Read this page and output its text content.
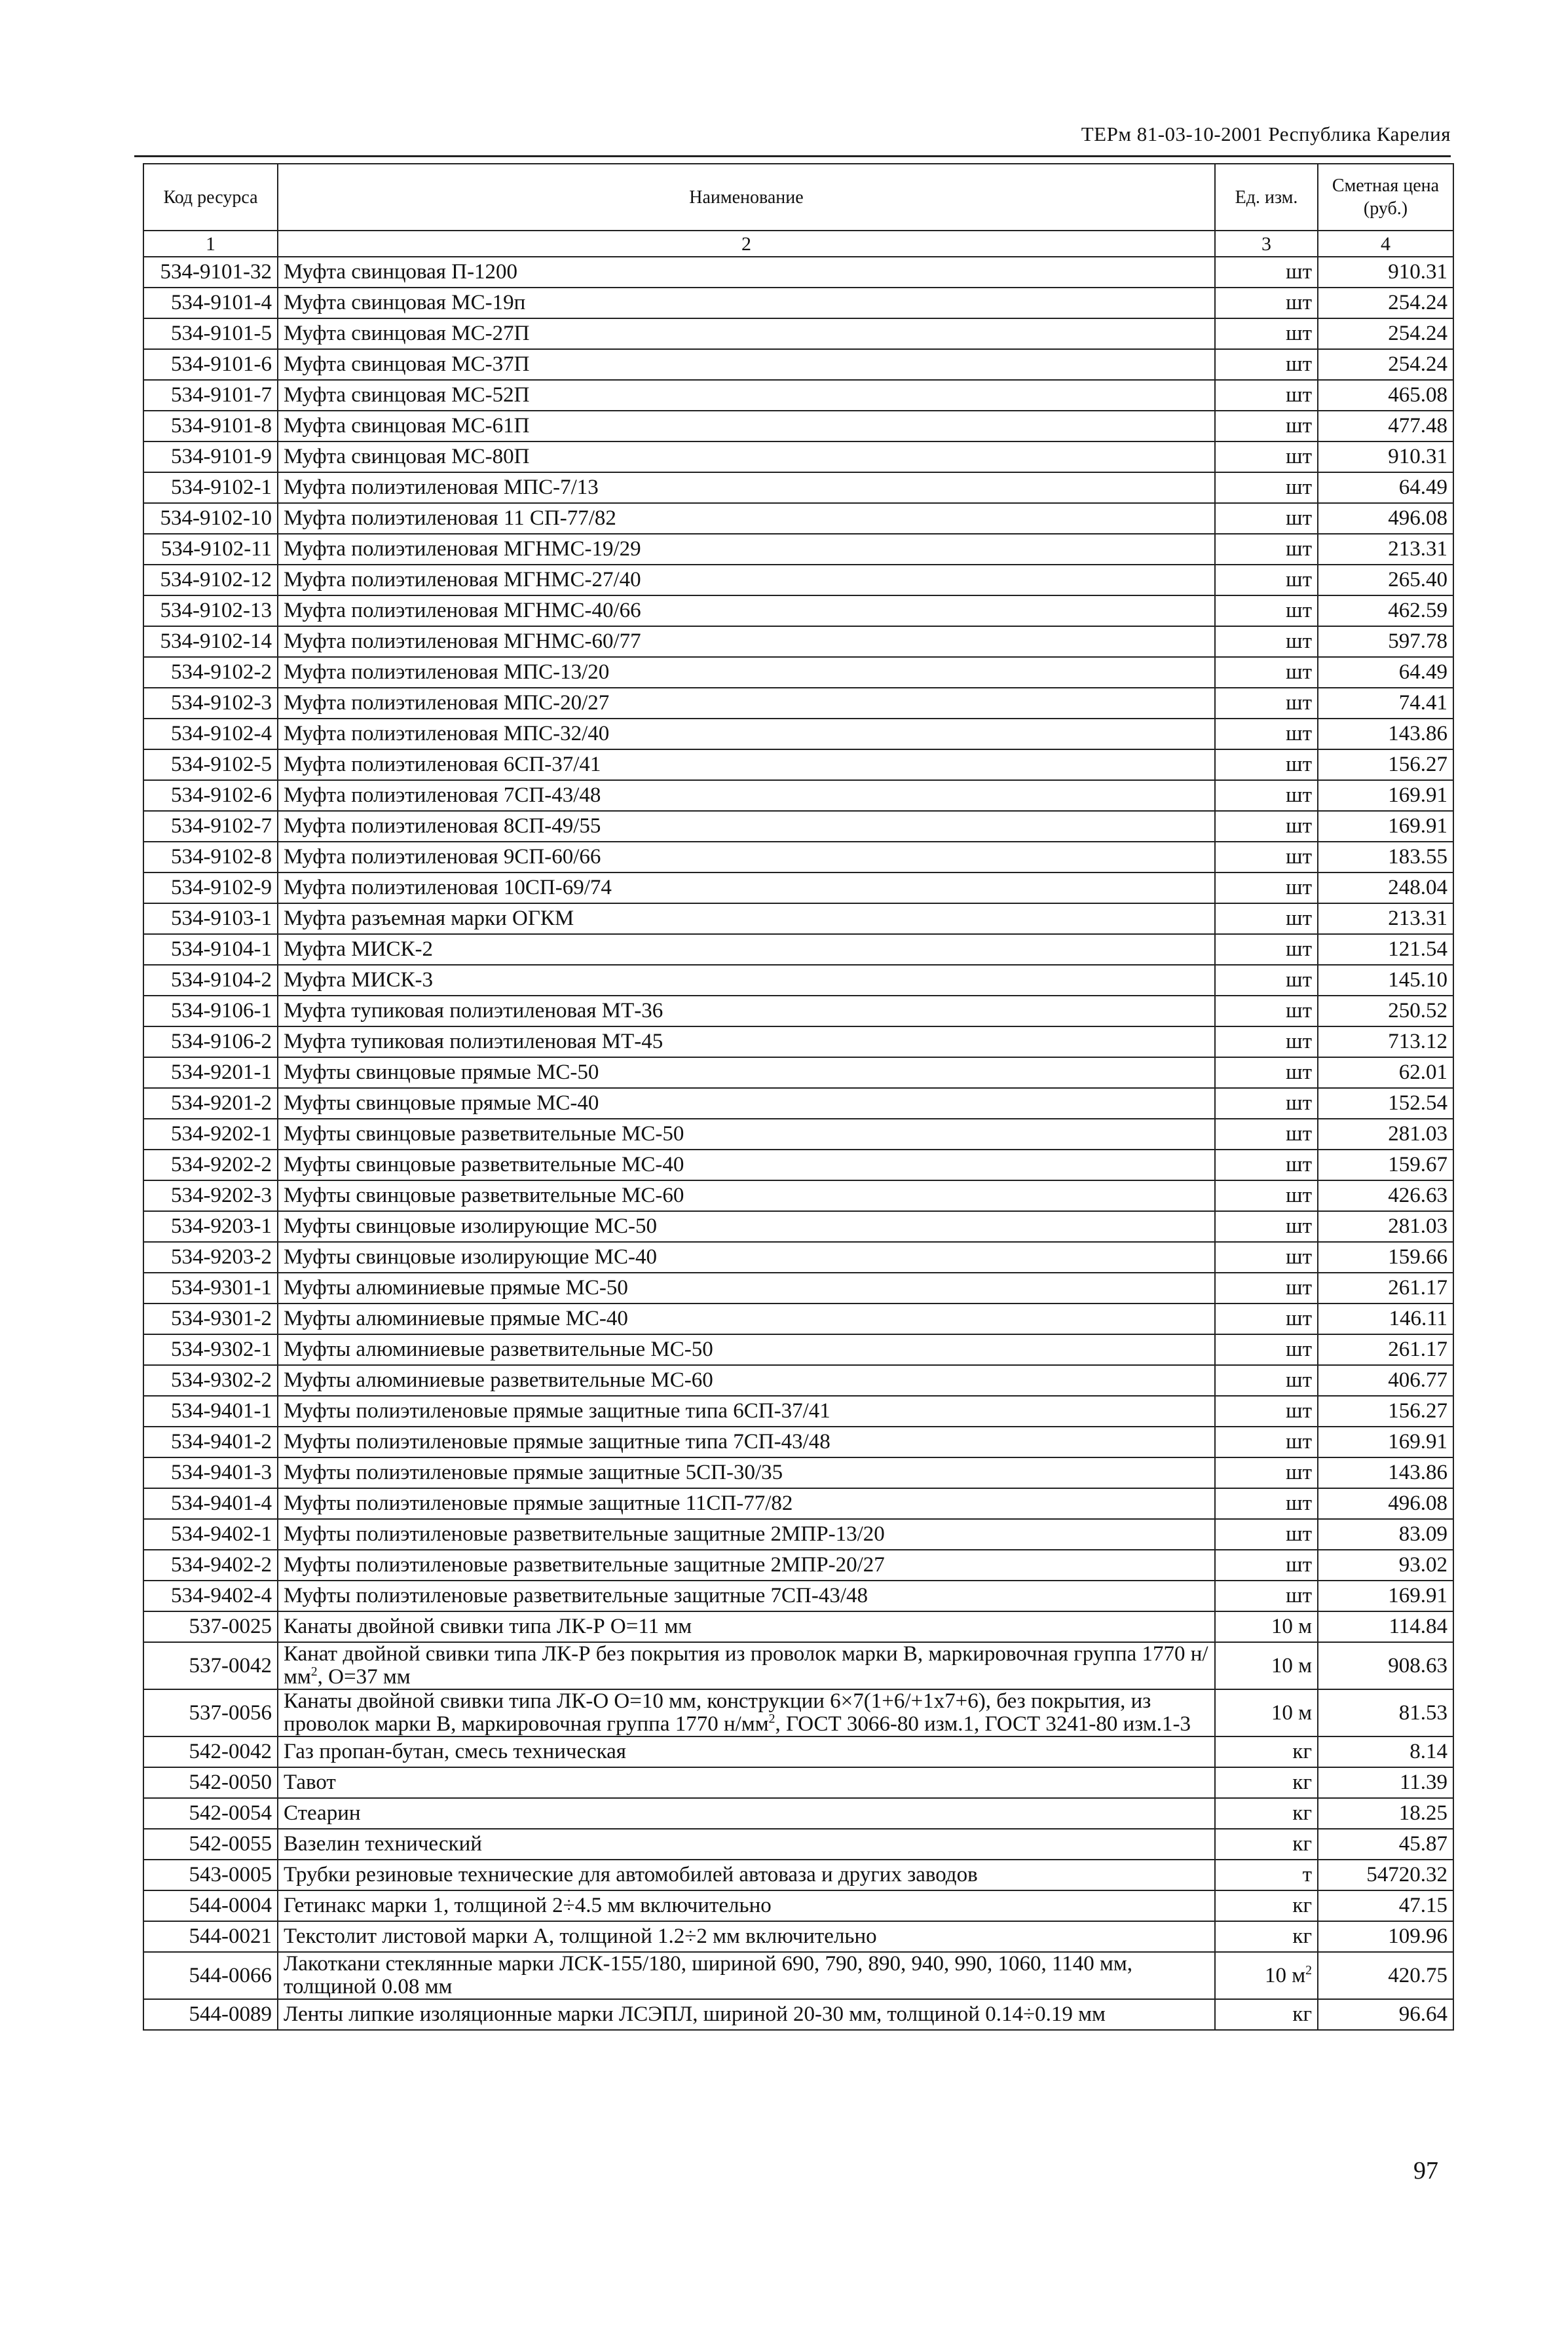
ТЕРм 81-03-10-2001 Республика Карелия
Код ресурса	Наименование	Ед. изм.	Сметная цена (руб.)
1	2	3	4
534-9101-32	Муфта свинцовая П-1200	шт	910.31
534-9101-4	Муфта свинцовая МС-19п	шт	254.24
534-9101-5	Муфта свинцовая МС-27П	шт	254.24
534-9101-6	Муфта свинцовая МС-37П	шт	254.24
534-9101-7	Муфта свинцовая МС-52П	шт	465.08
534-9101-8	Муфта свинцовая МС-61П	шт	477.48
534-9101-9	Муфта свинцовая МС-80П	шт	910.31
534-9102-1	Муфта полиэтиленовая МПС-7/13	шт	64.49
534-9102-10	Муфта полиэтиленовая 11 СП-77/82	шт	496.08
534-9102-11	Муфта полиэтиленовая МГНМС-19/29	шт	213.31
534-9102-12	Муфта полиэтиленовая МГНМС-27/40	шт	265.40
534-9102-13	Муфта полиэтиленовая МГНМС-40/66	шт	462.59
534-9102-14	Муфта полиэтиленовая МГНМС-60/77	шт	597.78
534-9102-2	Муфта полиэтиленовая МПС-13/20	шт	64.49
534-9102-3	Муфта полиэтиленовая МПС-20/27	шт	74.41
534-9102-4	Муфта полиэтиленовая МПС-32/40	шт	143.86
534-9102-5	Муфта полиэтиленовая 6СП-37/41	шт	156.27
534-9102-6	Муфта полиэтиленовая 7СП-43/48	шт	169.91
534-9102-7	Муфта полиэтиленовая 8СП-49/55	шт	169.91
534-9102-8	Муфта полиэтиленовая 9СП-60/66	шт	183.55
534-9102-9	Муфта полиэтиленовая 10СП-69/74	шт	248.04
534-9103-1	Муфта разъемная марки ОГКМ	шт	213.31
534-9104-1	Муфта МИСК-2	шт	121.54
534-9104-2	Муфта МИСК-3	шт	145.10
534-9106-1	Муфта тупиковая полиэтиленовая МТ-36	шт	250.52
534-9106-2	Муфта тупиковая полиэтиленовая МТ-45	шт	713.12
534-9201-1	Муфты свинцовые прямые МС-50	шт	62.01
534-9201-2	Муфты свинцовые прямые МС-40	шт	152.54
534-9202-1	Муфты свинцовые разветвительные МС-50	шт	281.03
534-9202-2	Муфты свинцовые разветвительные МС-40	шт	159.67
534-9202-3	Муфты свинцовые разветвительные МС-60	шт	426.63
534-9203-1	Муфты свинцовые изолирующие МС-50	шт	281.03
534-9203-2	Муфты свинцовые изолирующие МС-40	шт	159.66
534-9301-1	Муфты алюминиевые прямые МС-50	шт	261.17
534-9301-2	Муфты алюминиевые прямые МС-40	шт	146.11
534-9302-1	Муфты алюминиевые разветвительные МС-50	шт	261.17
534-9302-2	Муфты алюминиевые разветвительные МС-60	шт	406.77
534-9401-1	Муфты полиэтиленовые прямые защитные типа 6СП-37/41	шт	156.27
534-9401-2	Муфты полиэтиленовые прямые защитные типа 7СП-43/48	шт	169.91
534-9401-3	Муфты полиэтиленовые прямые защитные 5СП-30/35	шт	143.86
534-9401-4	Муфты полиэтиленовые прямые защитные 11СП-77/82	шт	496.08
534-9402-1	Муфты полиэтиленовые разветвительные защитные 2МПР-13/20	шт	83.09
534-9402-2	Муфты полиэтиленовые разветвительные защитные 2МПР-20/27	шт	93.02
534-9402-4	Муфты полиэтиленовые разветвительные защитные 7СП-43/48	шт	169.91
537-0025	Канаты двойной свивки типа ЛК-Р О=11 мм	10 м	114.84
537-0042	Канат двойной свивки типа ЛК-Р без покрытия из проволок марки В, маркировочная группа 1770 $н/мм^2$, О=37 мм	10 м	908.63
537-0056	Канаты двойной свивки типа ЛК-О О=10 мм, конструкции 6×7(1+6/+1х7+6), без покрытия, из проволок марки В, маркировочная группа 1770 $н/мм^2$, ГОСТ 3066-80 изм.1, ГОСТ 3241-80 изм.1-3	10 м	81.53
542-0042	Газ пропан-бутан, смесь техническая	кг	8.14
542-0050	Тавот	кг	11.39
542-0054	Стеарин	кг	18.25
542-0055	Вазелин технический	кг	45.87
543-0005	Трубки резиновые технические для автомобилей автоваза и других заводов	т	54720.32
544-0004	Гетинакс марки 1, толщиной 2÷4.5 мм включительно	кг	47.15
544-0021	Текстолит листовой марки А, толщиной 1.2÷2 мм включительно	кг	109.96
544-0066	Лакоткани стеклянные марки ЛСК-155/180, шириной 690, 790, 890, 940, 990, 1060, 1140 мм, толщиной 0.08 мм	10 $м^2$	420.75
544-0089	Ленты липкие изоляционные марки ЛСЭПЛ, шириной 20-30 мм, толщиной 0.14÷0.19 мм	кг	96.64
97
